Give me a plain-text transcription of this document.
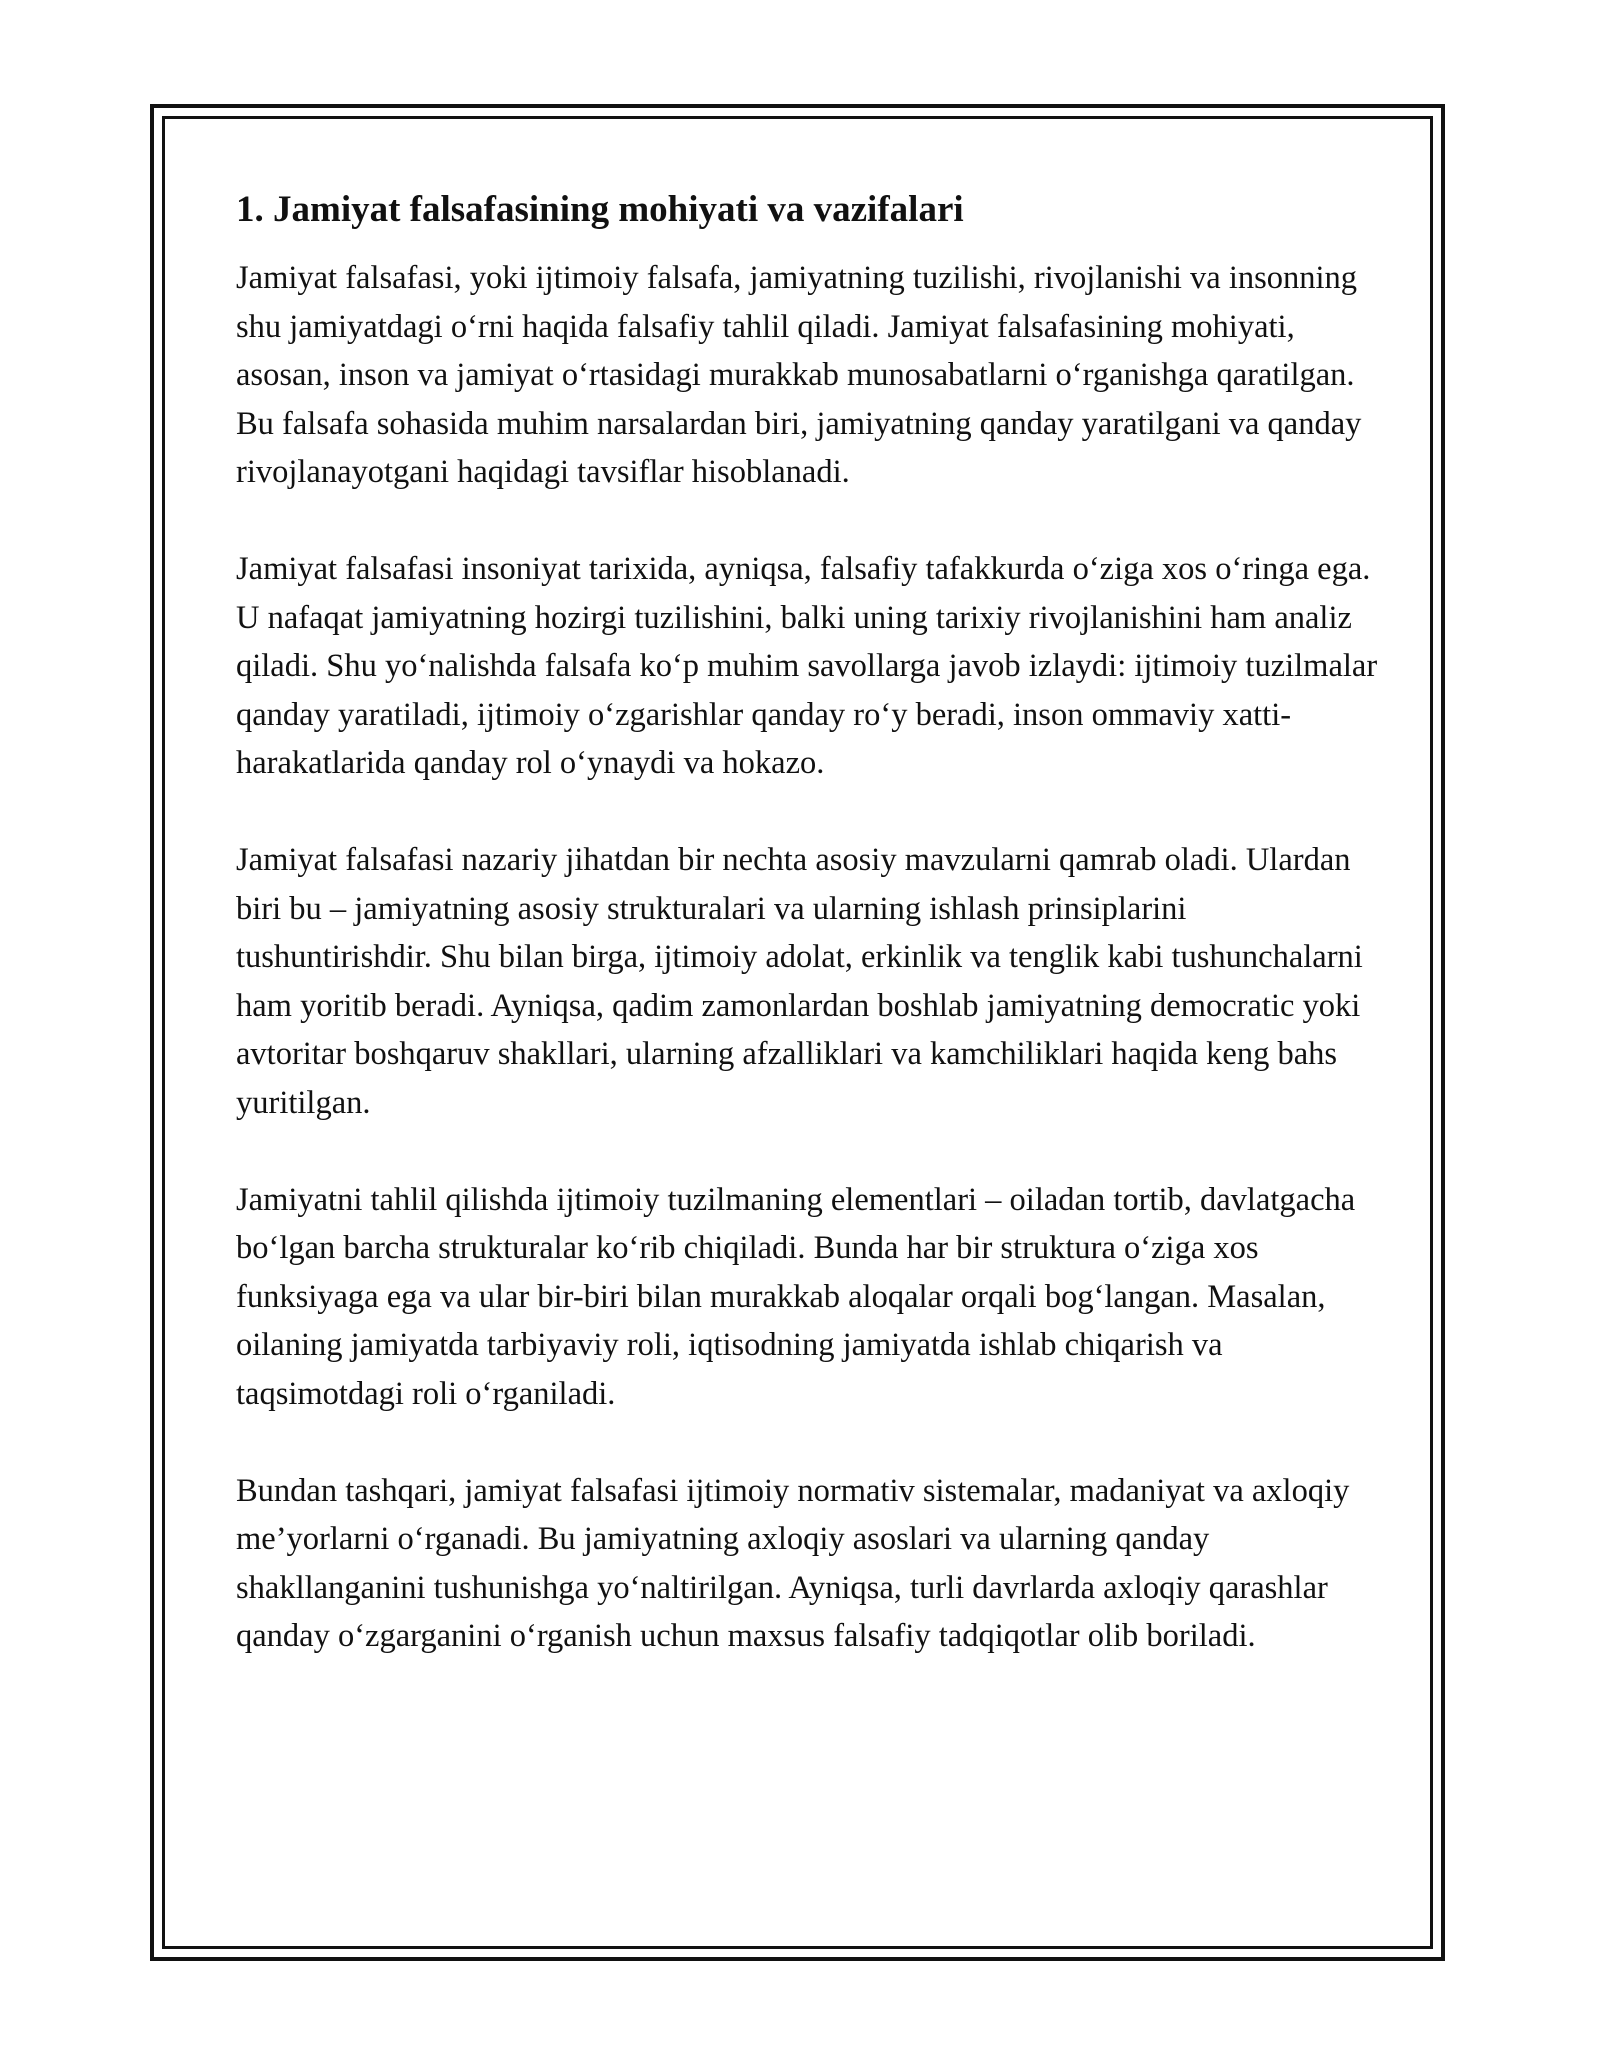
1. Jamiyat falsafasining mohiyati va vazifalari

Jamiyat falsafasi, yoki ijtimoiy falsafa, jamiyatning tuzilishi, rivojlanishi va insonning shu jamiyatdagi o‘rni haqida falsafiy tahlil qiladi. Jamiyat falsafasining mohiyati, asosan, inson va jamiyat o‘rtasidagi murakkab munosabatlarni o‘rganishga qaratilgan. Bu falsafa sohasida muhim narsalardan biri, jamiyatning qanday yaratilgani va qanday rivojlanayotgani haqidagi tavsiflar hisoblanadi.

Jamiyat falsafasi insoniyat tarixida, ayniqsa, falsafiy tafakkurda o‘ziga xos o‘ringa ega. U nafaqat jamiyatning hozirgi tuzilishini, balki uning tarixiy rivojlanishini ham analiz qiladi. Shu yo‘nalishda falsafa ko‘p muhim savollarga javob izlaydi: ijtimoiy tuzilmalar qanday yaratiladi, ijtimoiy o‘zgarishlar qanday ro‘y beradi, inson ommaviy xatti-harakatlarida qanday rol o‘ynaydi va hokazo.

Jamiyat falsafasi nazariy jihatdan bir nechta asosiy mavzularni qamrab oladi. Ulardan biri bu – jamiyatning asosiy strukturalari va ularning ishlash prinsiplarini tushuntirishdir. Shu bilan birga, ijtimoiy adolat, erkinlik va tenglik kabi tushunchalarni ham yoritib beradi. Ayniqsa, qadim zamonlardan boshlab jamiyatning democratic yoki avtoritar boshqaruv shakllari, ularning afzalliklari va kamchiliklari haqida keng bahs yuritilgan.

Jamiyatni tahlil qilishda ijtimoiy tuzilmaning elementlari – oiladan tortib, davlatgacha bo‘lgan barcha strukturalar ko‘rib chiqiladi. Bunda har bir struktura o‘ziga xos funksiyaga ega va ular bir-biri bilan murakkab aloqalar orqali bog‘langan. Masalan, oilaning jamiyatda tarbiyaviy roli, iqtisodning jamiyatda ishlab chiqarish va taqsimotdagi roli o‘rganiladi.

Bundan tashqari, jamiyat falsafasi ijtimoiy normativ sistemalar, madaniyat va axloqiy me’yorlarni o‘rganadi. Bu jamiyatning axloqiy asoslari va ularning qanday shakllanganini tushunishga yo‘naltirilgan. Ayniqsa, turli davrlarda axloqiy qarashlar qanday o‘zgarganini o‘rganish uchun maxsus falsafiy tadqiqotlar olib boriladi.
